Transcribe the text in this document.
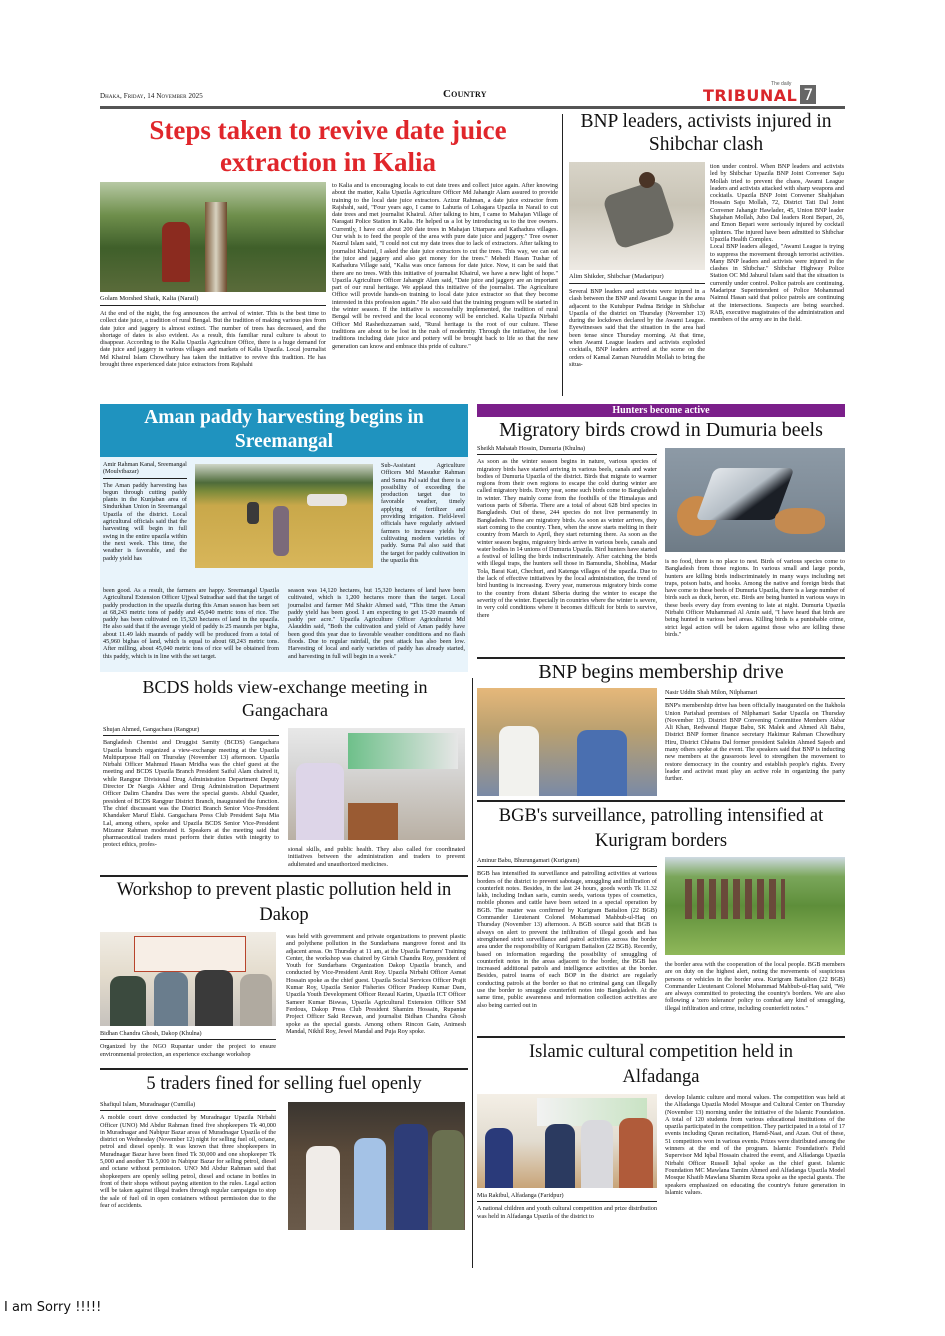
Dhaka, Friday, 14 November 2025	Country
The daily
TRIBUNAL 7
Steps taken to revive date juice extraction in Kalia
Golam Morshed Shaik, Kalia (Narail)

At the end of the night, the fog announces the arrival of winter. This is the best time to collect date juice, a tradition of rural Bengal. But the tradition of making various pies from date juice and jaggery is almost extinct. The number of trees has decreased, and the shortage of dates is also evident. As a result, this familiar rural culture is about to disappear. According to the Kalia Upazila Agriculture Office, there is a huge demand for date juice and jaggery in various villages and markets of Kalia Upazila. Local journalist Md Khairul Islam Chowdhury has taken the initiative to revive this tradition. He has brought three experienced date juice extractors from Rajshahi

to Kalia and is encouraging locals to cut date trees and collect juice again. After knowing about the matter, Kalia Upazila Agriculture Officer Md Jahangir Alam assured to provide training to the local date juice extractors. Azizur Rahman, a date juice extractor from Rajshahi, said, "Four years ago, I came to Lahuria of Lohagara Upazila in Narail to cut date trees and met journalist Khairul. After talking to him, I came to Mahajan Village of Naragati Police Station in Kalia. He helped us a lot by introducing us to the tree owners. Currently, I have cut about 200 date trees in Mahajan Uttarpara and Kathadura villages. Our wish is to feed the people of the area with pure date juice and jaggery." Tree owner Nazrul Islam said, "I could not cut my date trees due to lack of extractors. After talking to journalist Khairul, I asked the date juice extractors to cut the trees. This way, we can eat the juice and jaggery and also get money for the trees." Mehedi Hasan Tushar of Kathadura Village said, "Kalia was once famous for date juice. Now, it can be said that there are no trees. With this initiative of journalist Khairul, we have a new light of hope." Upazila Agriculture Officer Jahangir Alam said, "Date juice and jaggery are an important part of our rural heritage. We applaud this initiative of the journalist. The Agriculture Office will provide hands-on training to local date juice extractor so that they become interested in this profession again." He also said that the training program will be started in the winter season. If the initiative is successfully implemented, the tradition of rural Bengal will be revived and the local economy will be enriched. Kalia Upazila Nirbahi Officer Md Rasheduzzaman said, "Rural heritage is the root of our culture. These traditions are about to be lost in the rush of modernity. Through the initiative, the lost traditions including date juice and pottery will be brought back to life so that the new generation can know and embrace this pride of culture."

BNP leaders, activists injured in Shibchar clash
Alim Shikder, Shibchar (Madaripur)

Several BNP leaders and activists were injured in a clash between the BNP and Awami League in the area adjacent to the Kutubpur Padma Bridge in Shibchar Upazila of the district on Thursday (November 13) during the lockdown declared by the Awami League. Eyewitnesses said that the situation in the area had been tense since Thursday morning. At that time, when Awami League leaders and activists exploded cocktails, BNP leaders arrived at the scene on the orders of Kamal Zaman Nuruddin Mollah to bring the situa-

tion under control. When BNP leaders and activists led by Shibchar Upazila BNP Joint Convener Saju Mollah tried to prevent the chaos, Awami League leaders and activists attacked with sharp weapons and cocktails. Upazila BNP Joint Convener Shahjahan Hossain Saju Mollah, 72, District Tati Dal Joint Convener Jahangir Hawlader, 45, Union BNP leader Shajahan Mollah, Jubo Dal leaders Roni Bepari, 26, and Emon Bepari were seriously injured by cocktail splinters. The injured have been admitted to Shibchar Upazila Health Complex.

Local BNP leaders alleged, "Awami League is trying to suppress the movement through terrorist activities. Many BNP leaders and activists were injured in the clashes in Shibchar." Shibchar Highway Police Station OC Md Jahurul Islam said that the situation is currently under control. Police patrols are continuing. Madaripur Superintendent of Police Mohammad Naimul Hasan said that police patrols are continuing at the intersections. Suspects are being searched. RAB, executive magistrates of the administration and members of the army are in the field.

Aman paddy harvesting begins in Sreemangal
Amir Rahman Kanal, Sreemangal (Moulvibazar)

The Aman paddy harvesting has begun through cutting paddy plants in the Kunjaban area of Sindurkhan Union in Sreemangal Upazila of the district. Local agricultural officials said that the harvesting will begin in full swing in the entire upazila within the next week. This time, the weather is favorable, and the paddy yield has

Sub-Assistant Agriculture Officers Md Masudur Rahman and Suma Pal said that there is a possibility of exceeding the production target due to favorable weather, timely applying of fertilizer and providing irrigation. Field-level officials have regularly advised farmers to increase yields by cultivating modern varieties of paddy. Suma Pal also said that the target for paddy cultivation in the upazila this

been good. As a result, the farmers are happy. Sreemangal Upazila Agricultural Extension Officer Ujjwal Sutradhar said that the target of paddy production in the upazila during this Aman season has been set at 68,243 metric tons of paddy and 45,040 metric tons of rice. The paddy has been cultivated on 15,320 hectares of land in the upazila. He also said that if the average yield of paddy is 25 maunds per bigha, about 11.49 lakh maunds of paddy will be produced from a total of 45,960 bighas of land, which is equal to about 68,243 metric tons. After milling, about 45,040 metric tons of rice will be obtained from this paddy, which is in line with the set target.

season was 14,120 hectares, but 15,320 hectares of land have been cultivated, which is 1,200 hectares more than the target. Local journalist and farmer Md Shakir Ahmed said, "This time the Aman paddy yield has been good. I am expecting to get 15-20 maunds of paddy per acre." Upazila Agriculture Officer Agriculturist Md Alauddin said, "Both the cultivation and yield of Aman paddy have been good this year due to favorable weather conditions and no flash floods. Due to regular rainfall, the pest attack has also been low. Harvesting of local and early varieties of paddy has already started, and harvesting in full will begin in a week."

Hunters become active
Migratory birds crowd in Dumuria beels
Sheikh Mahatab Hossin, Dumuria (Khulna)

As soon as the winter season begins in nature, various species of migratory birds have started arriving in various beels, canals and water bodies of Dumuria Upazila of the district. Birds that migrate to warmer regions from their own regions to escape the cold during winter are called migratory birds. Every year, some such birds come to Bangladesh in winter. They mainly come from the foothills of the Himalayas and various parts of Siberia. There are a total of about 628 bird species in Bangladesh. Out of these, 244 species do not live permanently in Bangladesh. These are migratory birds. As soon as winter arrives, they start coming to the country. Then, when the snow starts melting in their country from March to April, they start returning there. As soon as the winter season begins, migratory birds arrive in various beels, canals and water bodies in 14 unions of Dumuria Upazila. Bird hunters have started a festival of killing the birds indiscriminately. After catching the birds with illegal traps, the hunters sell those in Bamundia, Shoblina, Madar Tola, Barai Kati, Chechuri, and Katenga villages of the upazila. Due to the lack of effective initiatives by the local administration, the trend of bird hunting is increasing. Every year, numerous migratory birds come to the country from distant Siberia during the winter to escape the severity of the winter. Especially in countries where the winter is severe, in very cold conditions where it becomes difficult for birds to survive, there

is no food, there is no place to nest. Birds of various species come to Bangladesh from those regions. In various small and large ponds, hunters are killing birds indiscriminately in many ways including net traps, poison baits, and hooks. Among the native and foreign birds that have come to these beels of Dumuria Upazila, there is a large number of birds such as duck, heron, etc. Birds are being hunted in various ways in these beels every day from evening to late at night. Dumuria Upazila Nirbahi Officer Muhammad Al Amin said, "I have heard that birds are being hunted in various beel areas. Killing birds is a punishable crime, strict legal action will be taken against those who are killing these birds."

BCDS holds view-exchange meeting in Gangachara
Shujan Ahmed, Gangachara (Rangpur)

Bangladesh Chemist and Druggist Samity (BCDS) Gangachara Upazila branch organized a view-exchange meeting at the Upazila Multipurpose Hall on Thursday (November 13) afternoon. Upazila Nirbahi Officer Mahmud Hasan Mridha was the chief guest at the meeting and BCDS Upazila Branch President Saiful Alam chaired it, while Rangpur Divisional Drug Administration Department Deputy Director Dr Nargis Akhter and Drug Administration Department Officer Dalim Chandra Das were the special guests. Abdul Quader, president of BCDS Rangpur District Branch, inaugurated the function. The chief discussant was the District Branch Senior Vice-President Khandaker Maruf Elahi. Gangachara Press Club President Saju Mia Lal, among others, spoke and Upazila BCDS Senior Vice-President Mizanur Rahman moderated it. Speakers at the meeting said that pharmaceutical traders must perform their duties with integrity to protect ethics, profes-

sional skills, and public health. They also called for coordinated initiatives between the administration and traders to prevent adulterated and unauthorized medicines.

BNP begins membership drive
Nasir Uddin Shah Milon, Nilphamari

BNP's membership drive has been officially inaugurated on the Itakhola Union Parishad premises of Nilphamari Sadar Upazila on Thursday (November 13). District BNP Convening Committee Members Akbar Ali Khan, Redwanul Haque Babu, SK Malek and Ahmed Ali Babu, District BNP former finance secretary Hakimur Rahman Chowdhury Hiru, District Chhatra Dal former president Salekin Ahmed Sajeeb and many others spoke at the event. The speakers said that BNP is inducting new members at the grassroots level to strengthen the movement to restore democracy in the country and establish people's rights. Every leader and activist must play an active role in organizing the party further.

BGB's surveillance, patrolling intensified at Kurigram borders
Aminur Babu, Bhurungamari (Kurigram)

BGB has intensified its surveillance and patrolling activities at various borders of the district to prevent sabotage, smuggling and infiltration of counterfeit notes. Besides, in the last 24 hours, goods worth Tk 11.32 lakh, including Indian saris, cumin seeds, various types of cosmetics, mobile phones and cattle have been seized in a special operation by BGB. The matter was confirmed by Kurigram Battalion (22 BGB) Commander Lieutenant Colonel Mohammad Mahbub-ul-Haq on Thursday (November 13) afternoon. A BGB source said that BGB is always on alert to prevent the infiltration of illegal goods and has strengthened strict surveillance and patrol activities across the border area under the responsibility of Kurigram Battalion (22 BGB). Recently, based on information regarding the possibility of smuggling of counterfeit notes in the areas adjacent to the border, the BGB has increased additional patrols and intelligence activities at the border. Besides, patrol teams of each BOP in the district are regularly conducting patrols at the border so that no criminal gang can illegally use the border to smuggle counterfeit notes into Bangladesh. At the same time, public awareness and information collection activities are also being carried out in

the border area with the cooperation of the local people. BGB members are on duty on the highest alert, noting the movements of suspicious persons or vehicles in the border area. Kurigram Battalion (22 BGB) Commander Lieutenant Colonel Mohammad Mahbub-ul-Haq said, "We are always committed to protecting the country's borders. We are also following a 'zero tolerance' policy to combat any kind of smuggling, illegal infiltration and crime, including counterfeit notes."

Workshop to prevent plastic pollution held in Dakop
Bidhan Chandra Ghosh, Dakop (Khulna)

Organized by the NGO Rupantar under the project to ensure environmental protection, an experience exchange workshop

was held with government and private organizations to prevent plastic and polythene pollution in the Sundarbans mangrove forest and its adjacent areas. On Thursday at 11 am, at the Upazila Farmers' Training Center, the workshop was chaired by Girish Chandra Roy, president of Youth for Sundarbans Organization Dakop Upazila branch, and conducted by Vice-President Amit Roy. Upazila Nirbahi Officer Asmat Hossain spoke as the chief guest. Upazila Social Services Officer Prajit Kumar Roy, Upazila Senior Fisheries Officer Pradeep Kumar Dam, Upazila Youth Development Officer Rezaul Karim, Upazila ICT Officer Sameer Kumar Biswas, Upazila Agricultural Extension Officer SM Ferdous, Dakop Press Club President Shamim Hossain, Rupantar Project Officer Saki Rezwan, and journalist Bidhan Chandra Ghosh spoke as the special guests. Among others Rincon Gain, Animesh Mandal, Nikhil Roy, Jewel Mandal and Puja Roy spoke.

5 traders fined for selling fuel openly
Shafiqul Islam, Muradnagar (Cumilla)

A mobile court drive conducted by Muradnagar Upazila Nirbahi Officer (UNO) Md Abdur Rahman fined five shopkeepers Tk 40,000 in Muradnagar and Nabipur Bazar areas of Muradnagar Upazila of the district on Wednesday (November 12) night for selling fuel oil, octane, petrol and diesel openly. It was known that three shopkeepers in Muradnagar Bazar have been fined Tk 30,000 and one shopkeeper Tk 5,000 and another Tk 5,000 in Nabipur Bazar for selling petrol, diesel and octane without permission. UNO Md Abdur Rahman said that shopkeepers are openly selling petrol, diesel and octane in bottles in front of their shops without paying attention to the rules. Legal action will be taken against illegal traders through regular campaigns to stop the sale of fuel oil in open containers without permission due to the fear of accidents.

Islamic cultural competition held in Alfadanga
Mia Rakibul, Alfadanga (Faridpur)

A national children and youth cultural competition and prize distribution was held in Alfadanga Upazila of the district to

develop Islamic culture and moral values. The competition was held at the Alfadanga Upazila Model Mosque and Cultural Center on Thursday (November 13) morning under the initiative of the Islamic Foundation. A total of 120 students from various educational institutions of the upazila participated in the competition. They participated in a total of 17 events including Quran recitation, Hamd-Naat, and Azan. Out of these, 51 competitors won in various events. Prizes were distributed among the winners at the end of the program. Islamic Foundation's Field Supervisor Md Iqbal Hossain chaired the event, and Alfadanga Upazila Nirbahi Officer Russell Iqbal spoke as the chief guest. Islamic Foundation MC Mawlana Tamim Ahmed and Alfadanga Upazila Model Mosque Khatib Mawlana Shamim Reza spoke as the special guests. The speakers emphasized on educating the country's future generation in Islamic values.

I am Sorry !!!!!
